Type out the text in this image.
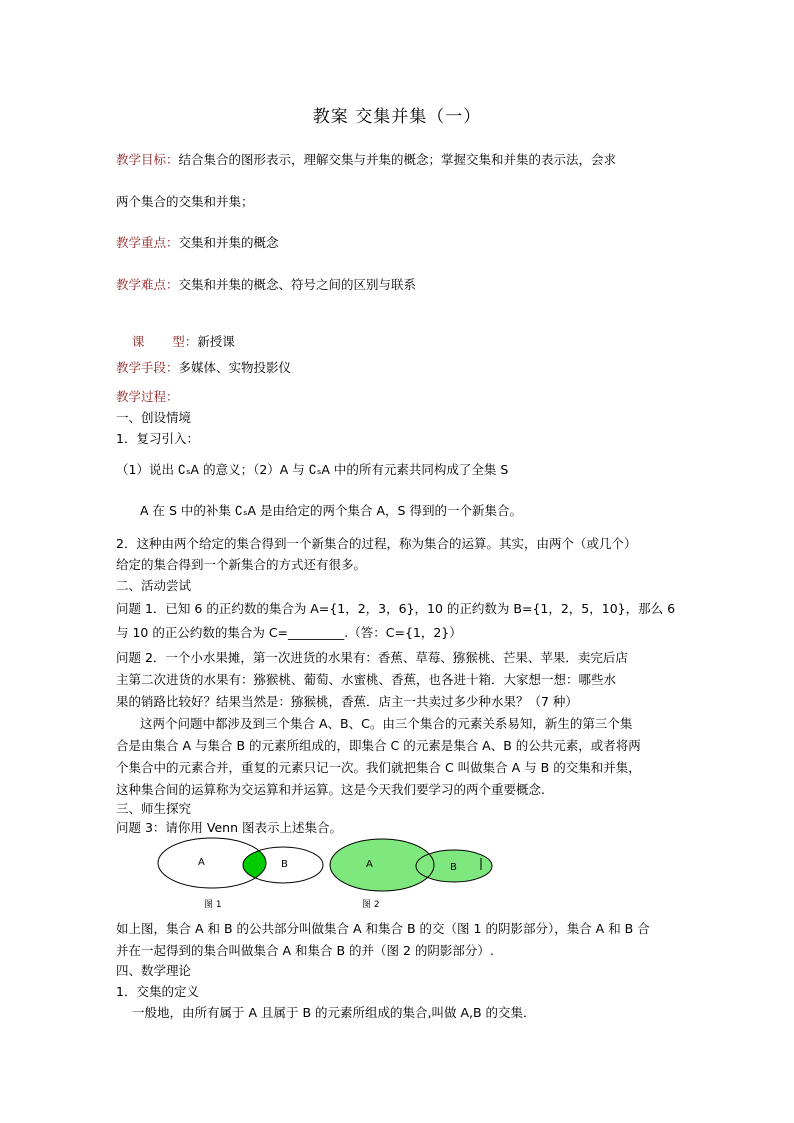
教案 交集并集（一）
教学目标：结合集合的图形表示，理解交集与并集的概念；掌握交集和并集的表示法，会求
两个集合的交集和并集；
教学重点：交集和并集的概念
教学难点：交集和并集的概念、符号之间的区别与联系

课       型：新授课

教学手段：多媒体、实物投影仪
教学过程：
一、创设情境
1．复习引入：
（1）说出 ∁ₛA 的意义；（2）A 与 ∁ₛA 中的所有元素共同构成了全集 S
A 在 S 中的补集 ∁ₛA 是由给定的两个集合 A，S 得到的一个新集合。
2．这种由两个给定的集合得到一个新集合的过程，称为集合的运算。其实，由两个（或几个）
给定的集合得到一个新集合的方式还有很多。
二、活动尝试
问题 1．已知 6 的正约数的集合为 A={1，2，3，6}，10 的正约数为 B={1，2，5，10}，那么 6
与 10 的正公约数的集合为 C=_________.（答：C={1，2}）
问题 2．一个小水果摊，第一次进货的水果有：香蕉、草莓、猕猴桃、芒果、苹果．卖完后店
主第二次进货的水果有：猕猴桃、葡萄、水蜜桃、香蕉，也各进十箱．大家想一想：哪些水
果的销路比较好？结果当然是：猕猴桃，香蕉．店主一共卖过多少种水果？（7 种）
这两个问题中都涉及到三个集合 A、B、C。由三个集合的元素关系易知，新生的第三个集
合是由集合 A 与集合 B 的元素所组成的，即集合 C 的元素是集合 A、B 的公共元素，或者将两
个集合中的元素合并，重复的元素只记一次。我们就把集合 C 叫做集合 A 与 B 的交集和并集，
这种集合间的运算称为交运算和并运算。这是今天我们要学习的两个重要概念.
三、师生探究
问题 3：请你用 Venn 图表示上述集合。
A	B	A	B
图 1	图 2
如上图，集合 A 和 B 的公共部分叫做集合 A 和集合 B 的交（图 1 的阴影部分），集合 A 和 B 合
并在一起得到的集合叫做集合 A 和集合 B 的并（图 2 的阴影部分）.
四、数学理论
1．交集的定义
一般地，由所有属于 A 且属于 B 的元素所组成的集合,叫做 A,B 的交集．
